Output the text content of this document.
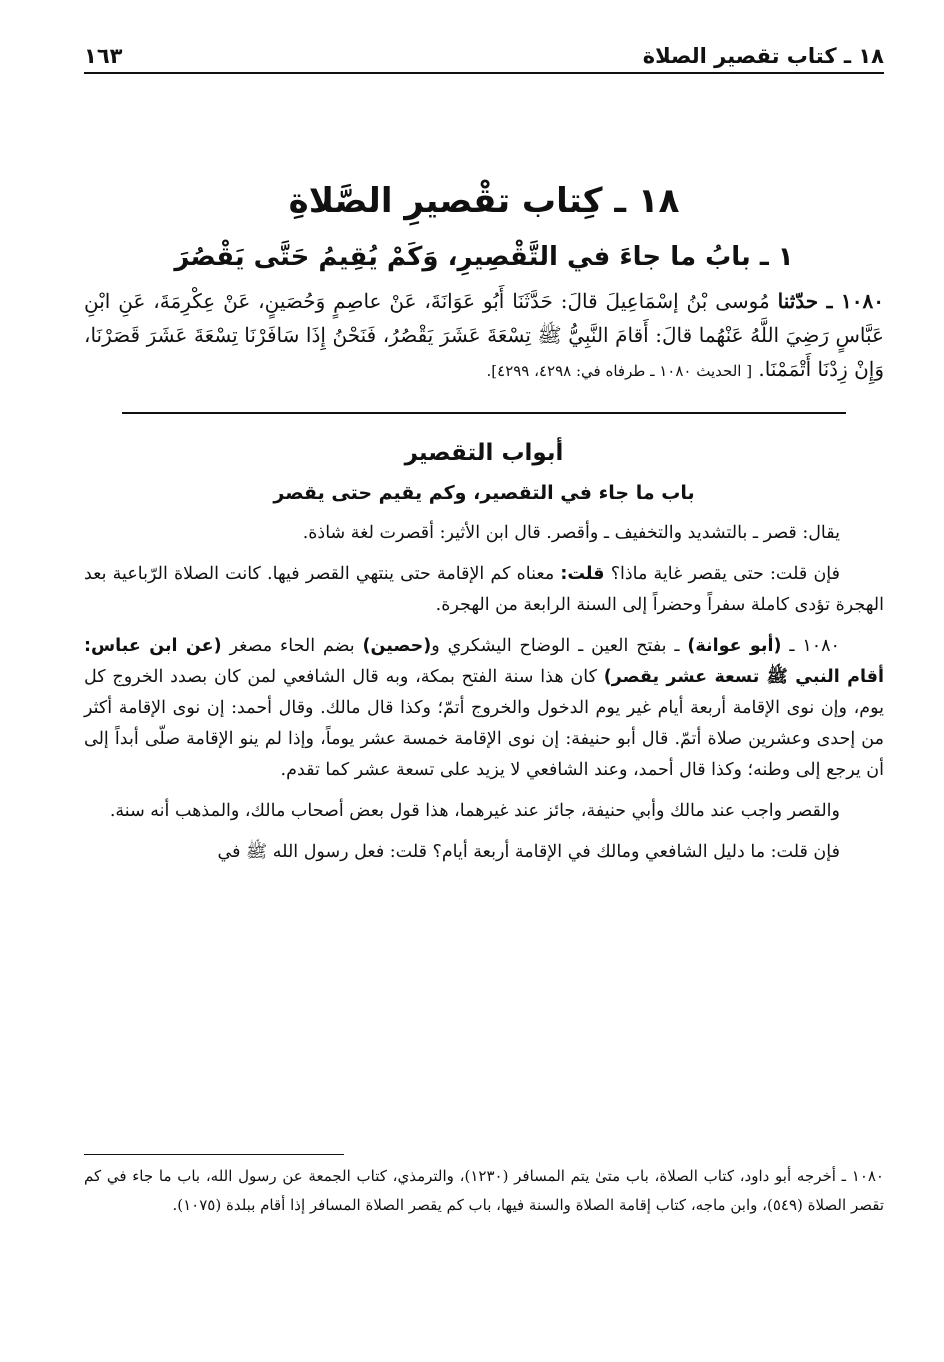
١٨ ـ كتاب تقصير الصلاة
١٦٣
١٨ ـ كِتاب تقْصيرِ الصَّلاةِ
١ ـ بابُ ما جاءَ في التَّقْصِيرِ، وَكَمْ يُقِيمُ حَتَّى يَقْصُرَ
١٠٨٠ ـ حدّثنا مُوسى بْنُ إسْمَاعِيلَ قالَ: حَدَّثَنَا أَبُو عَوَانَةَ، عَنْ عاصِمٍ وَحُصَينٍ، عَنْ عِكْرِمَةَ، عَنِ ابْنِ عَبَّاسٍ رَضِيَ اللَّهُ عَنْهُما قالَ: أَقامَ النَّبِيُّ ﷺ تِسْعَةَ عَشَرَ يَقْصُرُ، فَنَحْنُ إِذَا سَافَرْنَا تِسْعَةَ عَشَرَ قَصَرْنَا، وَإِنْ زِدْنَا أَتْمَمْنَا. [ الحديث ١٠٨٠ ـ طرفاه في: ٤٢٩٨، ٤٢٩٩].
أبواب التقصير
باب ما جاء في التقصير، وكم يقيم حتى يقصر
يقال: قصر ـ بالتشديد والتخفيف ـ وأقصر. قال ابن الأثير: أقصرت لغة شاذة.
فإن قلت: حتى يقصر غاية ماذا؟ قلت: معناه كم الإقامة حتى ينتهي القصر فيها. كانت الصلاة الرّباعية بعد الهجرة تؤدى كاملة سفراً وحضراً إلى السنة الرابعة من الهجرة.
١٠٨٠ ـ (أبو عوانة) ـ بفتح العين ـ الوضاح اليشكري و(حصين) بضم الحاء مصغر (عن ابن عباس: أقام النبي ﷺ تسعة عشر يقصر) كان هذا سنة الفتح بمكة، وبه قال الشافعي لمن كان بصدد الخروج كل يوم، وإن نوى الإقامة أربعة أيام غير يوم الدخول والخروج أتمّ؛ وكذا قال مالك. وقال أحمد: إن نوى الإقامة أكثر من إحدى وعشرين صلاة أتمّ. قال أبو حنيفة: إن نوى الإقامة خمسة عشر يوماً، وإذا لم ينو الإقامة صلّى أبداً إلى أن يرجع إلى وطنه؛ وكذا قال أحمد، وعند الشافعي لا يزيد على تسعة عشر كما تقدم.
والقصر واجب عند مالك وأبي حنيفة، جائز عند غيرهما، هذا قول بعض أصحاب مالك، والمذهب أنه سنة.
فإن قلت: ما دليل الشافعي ومالك في الإقامة أربعة أيام؟ قلت: فعل رسول الله ﷺ في
١٠٨٠ ـ أخرجه أبو داود، كتاب الصلاة، باب متىٰ يتم المسافر (١٢٣٠)، والترمذي، كتاب الجمعة عن رسول الله، باب ما جاء في كم تقصر الصلاة (٥٤٩)، وابن ماجه، كتاب إقامة الصلاة والسنة فيها، باب كم يقصر الصلاة المسافر إذا أقام ببلدة (١٠٧٥).
